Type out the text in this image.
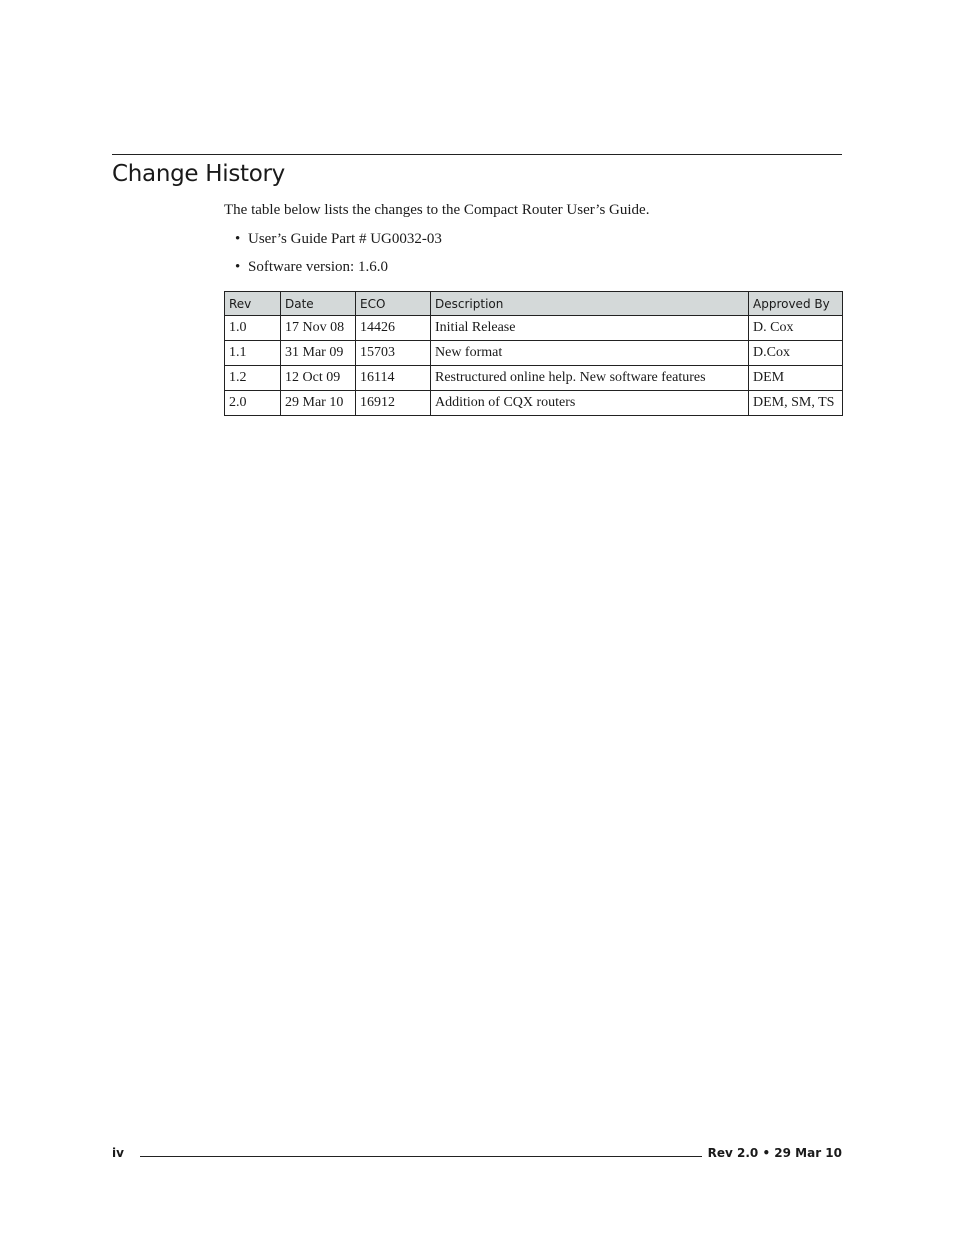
Change History
The table below lists the changes to the Compact Router User’s Guide.
• User’s Guide Part # UG0032-03
• Software version: 1.6.0
Rev	Date	ECO	Description	Approved By
1.0	17 Nov 08	14426	Initial Release	D. Cox
1.1	31 Mar 09	15703	New format	D.Cox
1.2	12 Oct 09	16114	Restructured online help. New software features	DEM
2.0	29 Mar 10	16912	Addition of CQX routers	DEM, SM, TS
iv	Rev 2.0 • 29 Mar 10
